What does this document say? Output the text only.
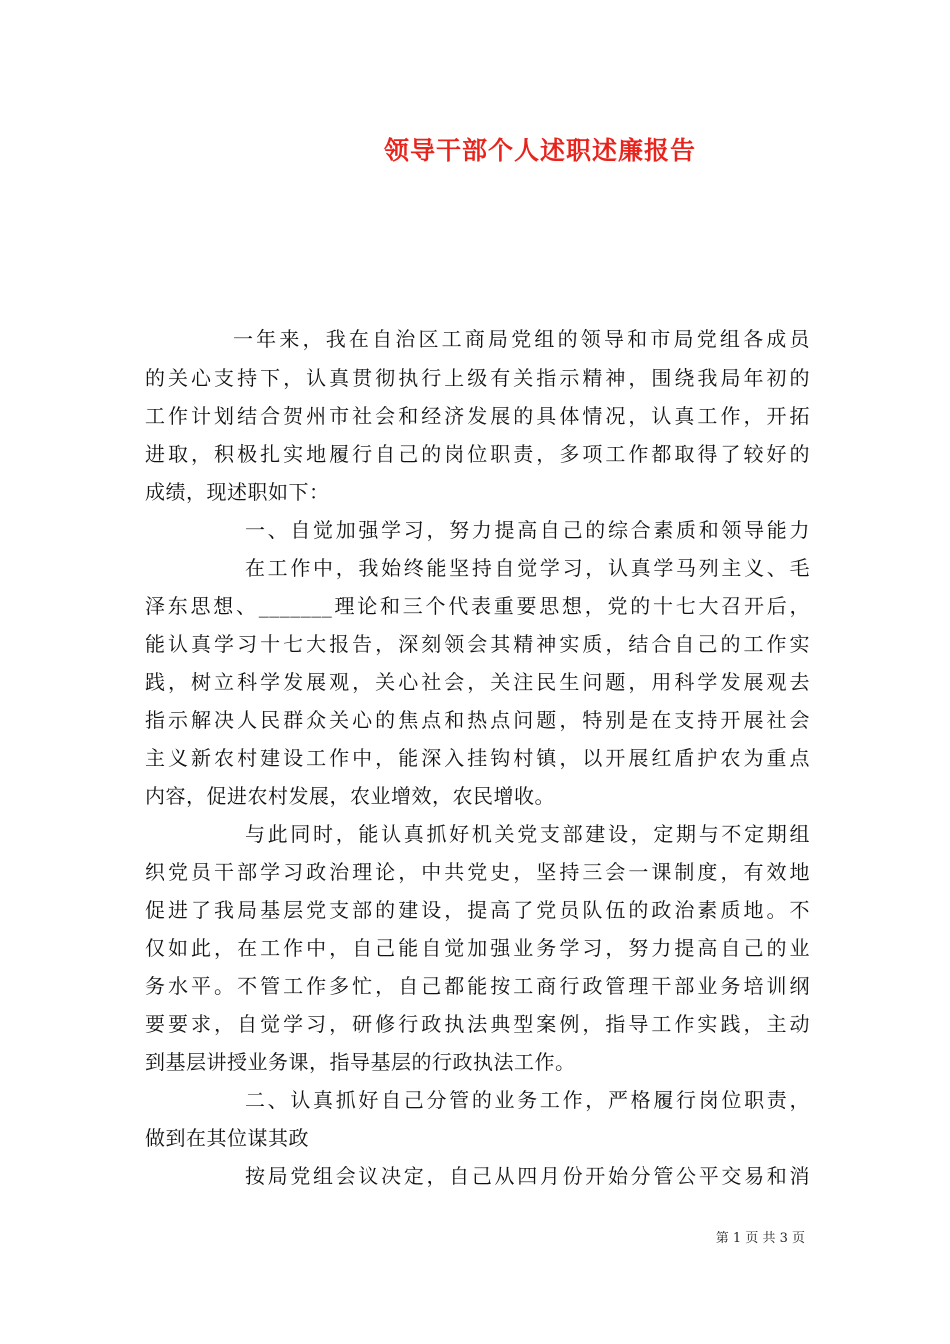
领导干部个人述职述廉报告
一年来，我在自治区工商局党组的领导和市局党组各成员
的关心支持下，认真贯彻执行上级有关指示精神，围绕我局年初的
工作计划结合贺州市社会和经济发展的具体情况，认真工作，开拓
进取，积极扎实地履行自己的岗位职责，多项工作都取得了较好的
成绩，现述职如下：
一、自觉加强学习，努力提高自己的综合素质和领导能力
在工作中，我始终能坚持自觉学习，认真学马列主义、毛
泽东思想、_______理论和三个代表重要思想，党的十七大召开后，
能认真学习十七大报告，深刻领会其精神实质，结合自己的工作实
践，树立科学发展观，关心社会，关注民生问题，用科学发展观去
指示解决人民群众关心的焦点和热点问题，特别是在支持开展社会
主义新农村建设工作中，能深入挂钩村镇，以开展红盾护农为重点
内容，促进农村发展，农业增效，农民增收。
与此同时，能认真抓好机关党支部建设，定期与不定期组
织党员干部学习政治理论，中共党史，坚持三会一课制度，有效地
促进了我局基层党支部的建设，提高了党员队伍的政治素质地。不
仅如此，在工作中，自己能自觉加强业务学习，努力提高自己的业
务水平。不管工作多忙，自己都能按工商行政管理干部业务培训纲
要要求，自觉学习，研修行政执法典型案例，指导工作实践，主动
到基层讲授业务课，指导基层的行政执法工作。
二、认真抓好自己分管的业务工作，严格履行岗位职责，
做到在其位谋其政
按局党组会议决定，自己从四月份开始分管公平交易和消
第 1 页 共 3 页
